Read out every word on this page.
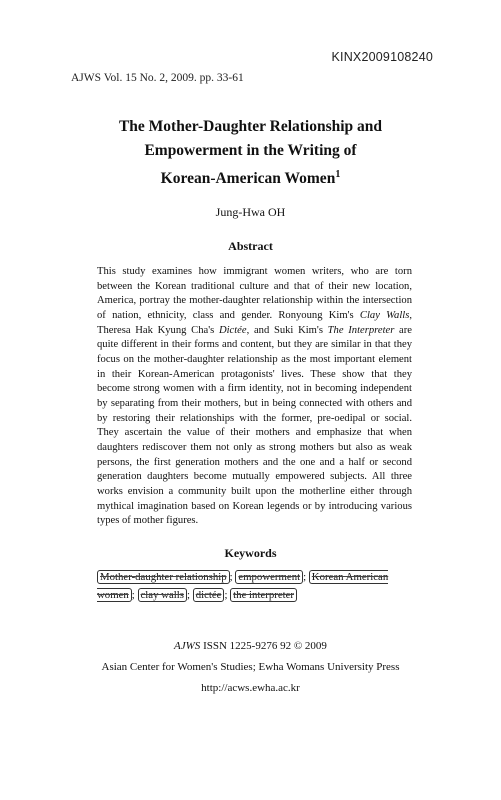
KINX2009108240
AJWS Vol. 15 No. 2, 2009. pp. 33-61
The Mother-Daughter Relationship and
Empowerment in the Writing of
Korean-American Women$^1$
Jung-Hwa OH
Abstract

This study examines how immigrant women writers, who are torn between the Korean traditional culture and that of their new location, America, portray the mother-daughter relationship within the intersection of nation, ethnicity, class and gender. Ronyoung Kim's Clay Walls, Theresa Hak Kyung Cha's Dictée, and Suki Kim's The Interpreter are quite different in their forms and content, but they are similar in that they focus on the mother-daughter relationship as the most important element in their Korean-American protagonists' lives. These show that they become strong women with a firm identity, not in becoming independent by separating from their mothers, but in being connected with others and by restoring their relationships with the former, pre-oedipal or social. They ascertain the value of their mothers and emphasize that when daughters rediscover them not only as strong mothers but also as weak persons, the first generation mothers and the one and a half or second generation daughters become mutually empowered subjects. All three works envision a community built upon the motherline either through mythical imagination based on Korean legends or by introducing various types of mother figures.

Keywords
Mother-daughter relationship ; empowerment ; Korean American women ; clay walls ; dictée ; the interpreter
AJWS ISSN 1225-9276 92 © 2009
Asian Center for Women's Studies; Ewha Womans University Press
http://acws.ewha.ac.kr
